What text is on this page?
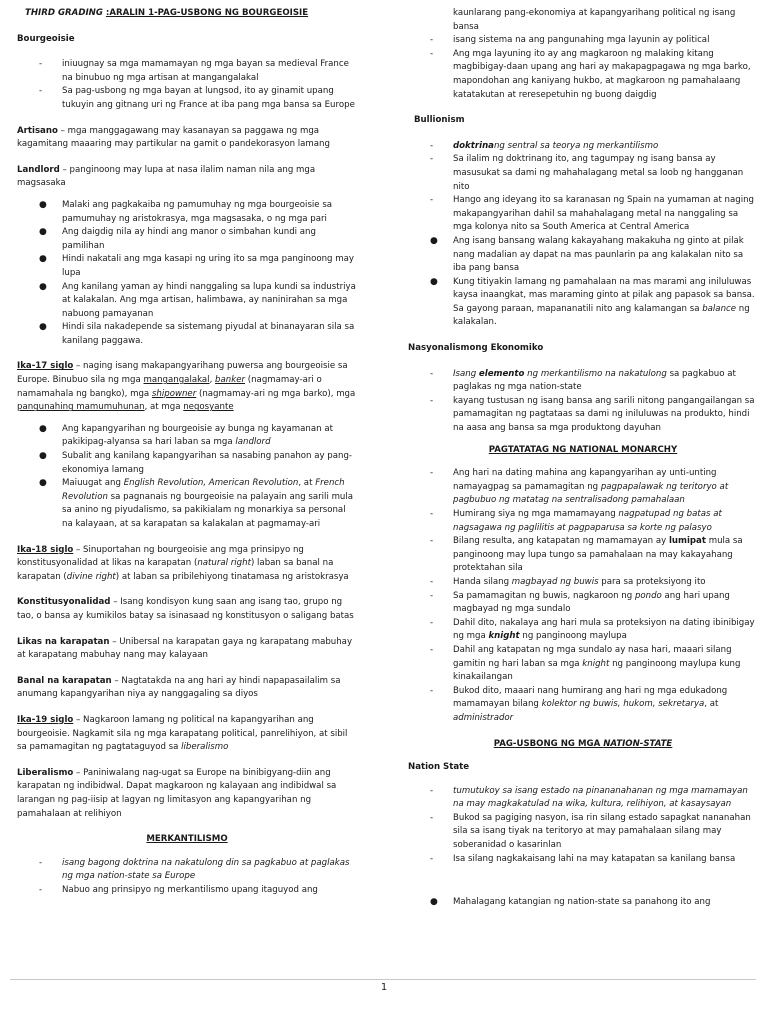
THIRD GRADING :ARALIN 1-PAG-USBONG NG BOURGEOISIE

Bourgeoisie

- iniuugnay sa mga mamamayan ng mga bayan sa medieval France na binubuo ng mga artisan at mangangalakal
- Sa pag-usbong ng mga bayan at lungsod, ito ay ginamit upang tukuyin ang gitnang uri ng France at iba pang mga bansa sa Europe

Artisano – mga manggagawang may kasanayan sa paggawa ng mga kagamitang maaaring may partikular na gamit o pandekorasyon lamang

Landlord – panginoong may lupa at nasa ilalim naman nila ang mga magsasaka

● Malaki ang pagkakaiba ng pamumuhay ng mga bourgeoisie sa pamumuhay ng aristokrasya, mga magsasaka, o ng mga pari
● Ang daigdig nila ay hindi ang manor o simbahan kundi ang pamilihan
● Hindi nakatali ang mga kasapi ng uring ito sa mga panginoong may lupa
● Ang kanilang yaman ay hindi nanggaling sa lupa kundi sa industriya at kalakalan. Ang mga artisan, halimbawa, ay naninirahan sa mga nabuong pamayanan
● Hindi sila nakadepende sa sistemang piyudal at binanayaran sila sa kanilang paggawa.

Ika-17 siglo – naging isang makapangyarihang puwersa ang bourgeoisie sa Europe. Binubuo sila ng mga mangangalakal, banker (nagmamay-ari o namamahala ng bangko), mga shipowner (nagmamay-ari ng mga barko), mga pangunahing mamumuhunan, at mga negosyante

● Ang kapangyarihan ng bourgeoisie ay bunga ng kayamanan at pakikipag-alyansa sa hari laban sa mga landlord
● Subalit ang kanilang kapangyarihan sa nasabing panahon ay pang-ekonomiya lamang
● Maiuugat ang English Revolution, American Revolution, at French Revolution sa pagnanais ng bourgeoisie na palayain ang sarili mula sa anino ng piyudalismo, sa pakikialam ng monarkiya sa personal na kalayaan, at sa karapatan sa kalakalan at pagmamay-ari

Ika-18 siglo – Sinuportahan ng bourgeoisie ang mga prinsipyo ng konstitusyonalidad at likas na karapatan (natural right) laban sa banal na karapatan (divine right) at laban sa pribilehiyong tinatamasa ng aristokrasya

Konstitusyonalidad – Isang kondisyon kung saan ang isang tao, grupo ng tao, o bansa ay kumikilos batay sa isinasaad ng konstitusyon o saligang batas

Likas na karapatan – Unibersal na karapatan gaya ng karapatang mabuhay at karapatang mabuhay nang may kalayaan

Banal na karapatan – Nagtatakda na ang hari ay hindi napapasailalim sa anumang kapangyarihan niya ay nanggagaling sa diyos

Ika-19 siglo – Nagkaroon lamang ng political na kapangyarihan ang bourgeoisie. Nagkamit sila ng mga karapatang political, panrelihiyon, at sibil sa pamamagitan ng pagtataguyod sa liberalismo

Liberalismo – Paniniwalang nag-ugat sa Europe na binibigyang-diin ang karapatan ng indibidwal. Dapat magkaroon ng kalayaan ang indibidwal sa larangan ng pag-iisip at lagyan ng limitasyon ang kapangyarihan ng pamahalaan at relihiyon

MERKANTILISMO

- isang bagong doktrina na nakatulong din sa pagkabuo at paglakas ng mga nation-state sa Europe
- Nabuo ang prinsipyo ng merkantilismo upang itaguyod ang
kaunlarang pang-ekonomiya at kapangyarihang political ng isang bansa
- isang sistema na ang pangunahing mga layunin ay political
- Ang mga layuning ito ay ang magkaroon ng malaking kitang magbibigay-daan upang ang hari ay makapagpagawa ng mga barko, mapondohan ang kaniyang hukbo, at magkaroon ng pamahalaang katatakutan at reresepetuhin ng buong daigdig

Bullionism

- doktrinang sentral sa teorya ng merkantilismo
- Sa ilalim ng doktrinang ito, ang tagumpay ng isang bansa ay masusukat sa dami ng mahahalagang metal sa loob ng hangganan nito
- Hango ang ideyang ito sa karanasan ng Spain na yumaman at naging makapangyarihan dahil sa mahahalagang metal na nanggaling sa mga kolonya nito sa South America at Central America
● Ang isang bansang walang kakayahang makakuha ng ginto at pilak nang madalian ay dapat na mas paunlarin pa ang kalakalan nito sa iba pang bansa
● Kung titiyakin lamang ng pamahalaan na mas marami ang iniluluwas kaysa inaangkat, mas maraming ginto at pilak ang papasok sa bansa. Sa gayong paraan, mapananatili nito ang kalamangan sa balance ng kalakalan.

Nasyonalismong Ekonomiko

- Isang elemento ng merkantilismo na nakatulong sa pagkabuo at paglakas ng mga nation-state
- kayang tustusan ng isang bansa ang sarili nitong pangangailangan sa pamamagitan ng pagtataas sa dami ng iniluluwas na produkto, hindi na aasa ang bansa sa mga produktong dayuhan

PAGTATATAG NG NATIONAL MONARCHY

- Ang hari na dating mahina ang kapangyarihan ay unti-unting namayagpag sa pamamagitan ng pagpapalawak ng teritoryo at pagbubuo ng matatag na sentralisadong pamahalaan
- Humirang siya ng mga mamamayang nagpatupad ng batas at nagsagawa ng paglilitis at pagpaparusa sa korte ng palasyo
- Bilang resulta, ang katapatan ng mamamayan ay lumipat mula sa panginoong may lupa tungo sa pamahalaan na may kakayahang protektahan sila
- Handa silang magbayad ng buwis para sa proteksiyong ito
- Sa pamamagitan ng buwis, nagkaroon ng pondo ang hari upang magbayad ng mga sundalo
- Dahil dito, nakalaya ang hari mula sa proteksiyon na dating ibinibigay ng mga knight ng panginoong maylupa
- Dahil ang katapatan ng mga sundalo ay nasa hari, maaari silang gamitin ng hari laban sa mga knight ng panginoong maylupa kung kinakailangan
- Bukod dito, maaari nang humirang ang hari ng mga edukadong mamamayan bilang kolektor ng buwis, hukom, sekretarya, at administrador

PAG-USBONG NG MGA NATION-STATE

Nation State

- tumutukoy sa isang estado na pinananahanan ng mga mamamayan na may magkakatulad na wika, kultura, relihiyon, at kasaysayan
- Bukod sa pagiging nasyon, isa rin silang estado sapagkat nananahan sila sa isang tiyak na teritoryo at may pamahalaan silang may soberanidad o kasarinlan
- Isa silang nagkakaisang lahi na may katapatan sa kanilang bansa
● Mahalagang katangian ng nation-state sa panahong ito ang
1
